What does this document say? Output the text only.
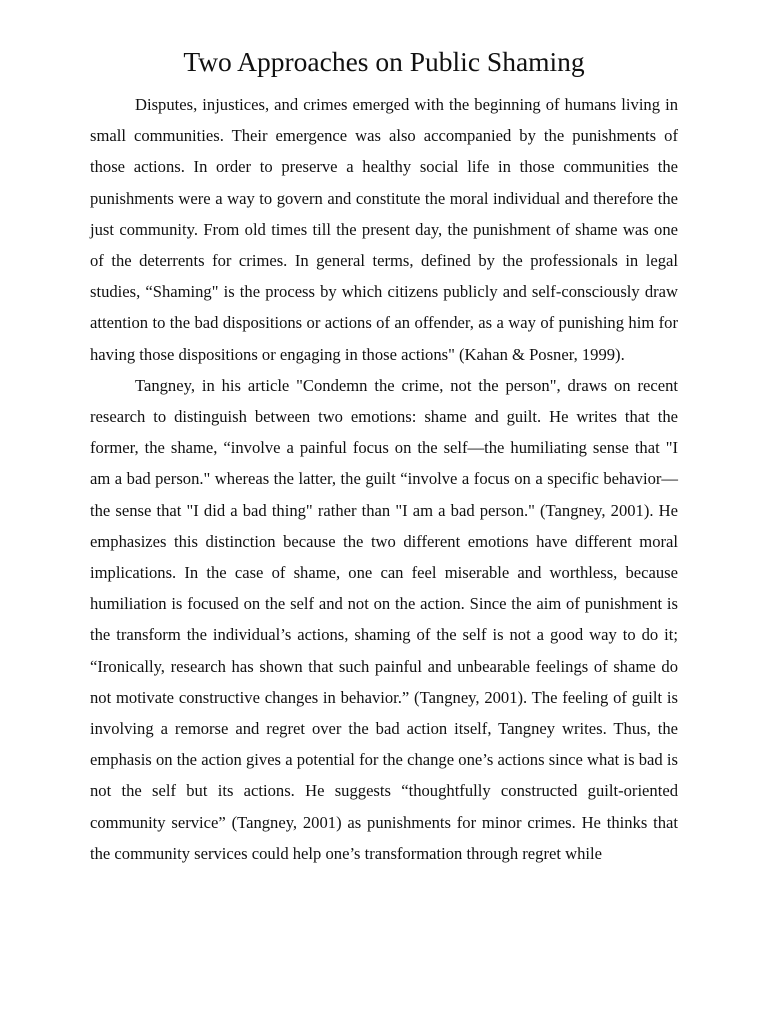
Two Approaches on Public Shaming

Disputes, injustices, and crimes emerged with the beginning of humans living in small communities. Their emergence was also accompanied by the punishments of those actions. In order to preserve a healthy social life in those communities the punishments were a way to govern and constitute the moral individual and therefore the just community. From old times till the present day, the punishment of shame was one of the deterrents for crimes. In general terms, defined by the professionals in legal studies, “Shaming" is the process by which citizens publicly and self-consciously draw attention to the bad dispositions or actions of an offender, as a way of punishing him for having those dispositions or engaging in those actions" (Kahan & Posner, 1999).

Tangney, in his article "Condemn the crime, not the person", draws on recent research to distinguish between two emotions: shame and guilt. He writes that the former, the shame, “involve a painful focus on the self—the humiliating sense that "I am a bad person." whereas the latter, the guilt “involve a focus on a specific behavior—the sense that "I did a bad thing" rather than "I am a bad person." (Tangney, 2001). He emphasizes this distinction because the two different emotions have different moral implications. In the case of shame, one can feel miserable and worthless, because humiliation is focused on the self and not on the action. Since the aim of punishment is the transform the individual’s actions, shaming of the self is not a good way to do it; “Ironically, research has shown that such painful and unbearable feelings of shame do not motivate constructive changes in behavior.” (Tangney, 2001). The feeling of guilt is involving a remorse and regret over the bad action itself, Tangney writes. Thus, the emphasis on the action gives a potential for the change one’s actions since what is bad is not the self but its actions. He suggests “thoughtfully constructed guilt-oriented community service” (Tangney, 2001) as punishments for minor crimes. He thinks that the community services could help one’s transformation through regret while
